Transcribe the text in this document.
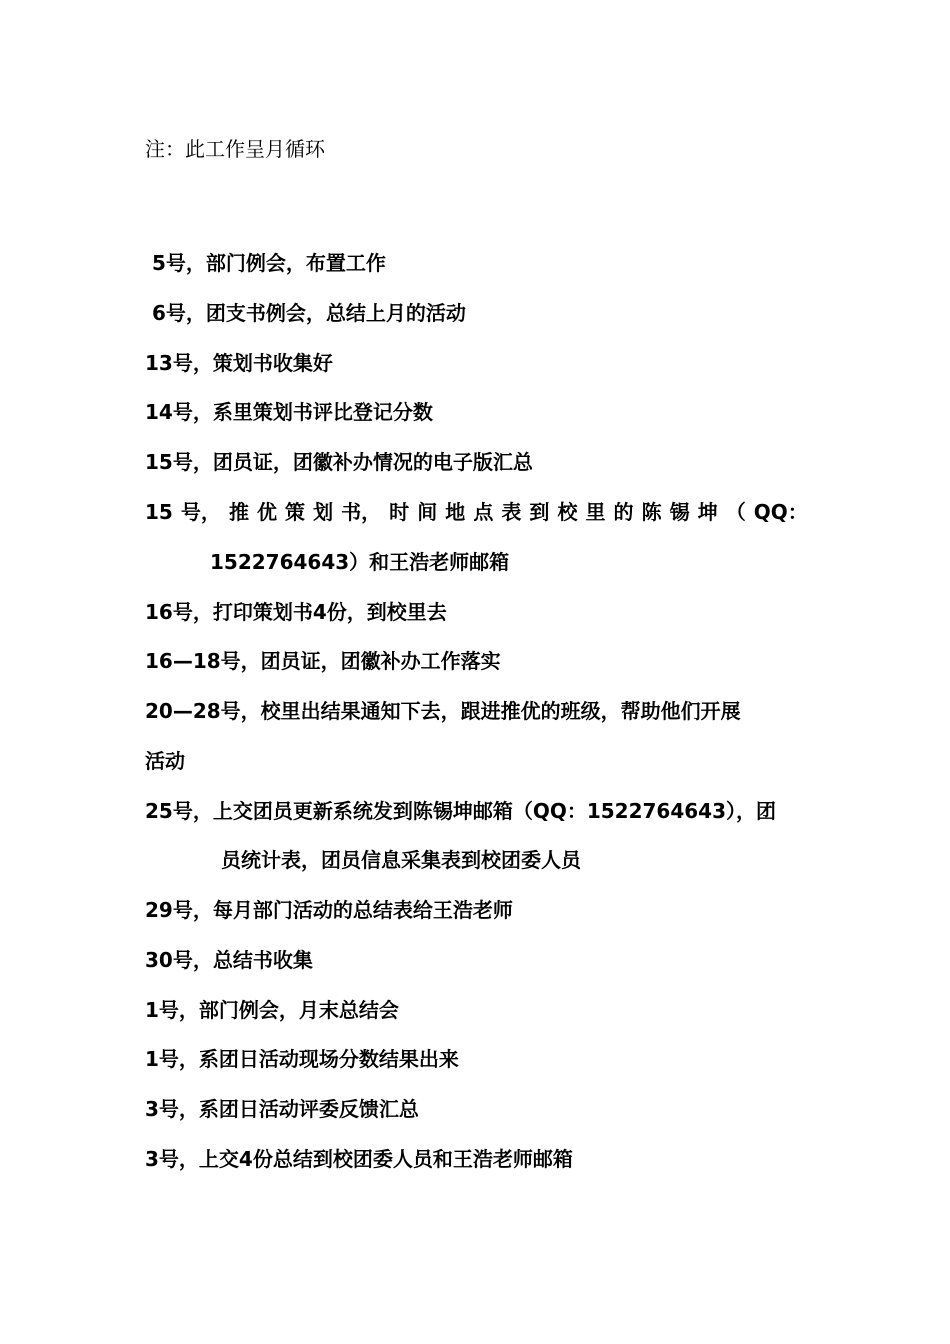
注：此工作呈月循环
5号，部门例会，布置工作
6号，团支书例会，总结上月的活动
13号，策划书收集好
14号，系里策划书评比登记分数
15号，团员证，团徽补办情况的电子版汇总
15 号， 推 优 策 划 书， 时 间 地 点 表 到 校 里 的 陈 锡 坤 （ QQ：
1522764643）和王浩老师邮箱
16号，打印策划书4份，到校里去
16—18号，团员证，团徽补办工作落实
20—28号，校里出结果通知下去，跟进推优的班级，帮助他们开展
活动
25号，上交团员更新系统发到陈锡坤邮箱（QQ：1522764643），团
员统计表，团员信息采集表到校团委人员
29号，每月部门活动的总结表给王浩老师
30号，总结书收集
1号，部门例会，月末总结会
1号，系团日活动现场分数结果出来
3号，系团日活动评委反馈汇总
3号，上交4份总结到校团委人员和王浩老师邮箱
